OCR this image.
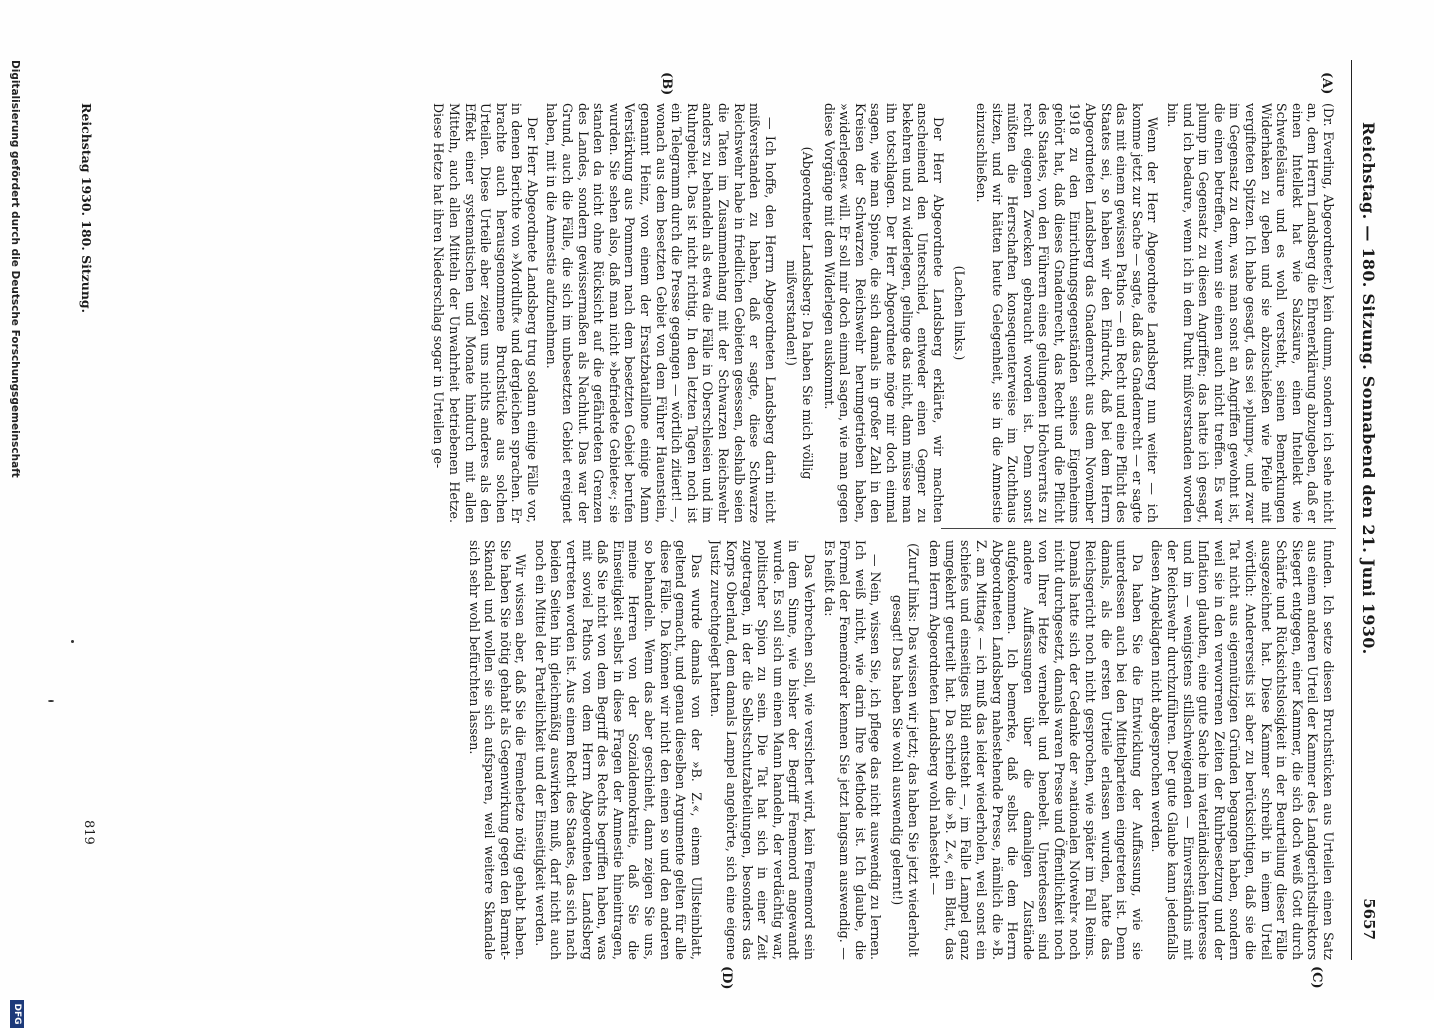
Reichstag. — 180. Sitzung. Sonnabend den 21. Juni 1930.
5657
(A)
(B)
(C)
(D)

(Dr. Everling, Abgeordneter.) kein dumm, sondern ich sehe nicht an, dem Herrn Landsberg die Ehrenerklärung abzugeben, daß er einen Intellekt hat wie Salzsäure, einen Intellekt wie Schwefelsäure und es wohl versteht, seinen Bemerkungen Widerhaken zu geben und sie abzuschießen wie Pfeile mit vergifteten Spitzen. Ich habe gesagt, das sei »plump«, und zwar im Gegensatz zu dem, was man sonst an Angriffen gewohnt ist, die einen betreffen, wenn sie einen auch nicht treffen. Es war plump im Gegensatz zu diesen Angriffen; das hatte ich gesagt, und ich bedaure, wenn ich in dem Punkt mißverstanden worden bin.

Wenn der Herr Abgeordnete Landsberg nun weiter — ich komme jetzt zur Sache — sagte, daß das Gnadenrecht — er sagte das mit einem gewissen Pathos — ein Recht und eine Pflicht des Staates sei, so haben wir den Eindruck, daß bei dem Herrn Abgeordneten Landsberg das Gnadenrecht aus dem November 1918 zu den Einrichtungsgegenständen seines Eigenheims gehört hat, daß dieses Gnadenrecht, das Recht und die Pflicht des Staates, von den Führern eines gelungenen Hochverrats zu recht eigenen Zwecken gebraucht worden ist. Denn sonst müßten die Herrschaften konsequenterweise im Zuchthaus sitzen, und wir hätten heute Gelegenheit, sie in die Amnestie einzuschließen.

(Lachen links.)

Der Herr Abgeordnete Landsberg erklärte, wir machten anscheinend den Unterschied, entweder einen Gegner zu bekehren und zu widerlegen, gelinge das nicht, dann müsse man ihn totschlagen. Der Herr Abgeordnete möge mir doch einmal sagen, wie man Spione, die sich damals in großer Zahl in den Kreisen der Schwarzen Reichswehr herumgetrieben haben, »widerlegen« will. Er soll mir doch einmal sagen, wie man gegen diese Vorgänge mit dem Widerlegen auskommt.

(Abgeordneter Landsberg: Da haben Sie mich völlig mißverstanden!)

— Ich hoffe, den Herrn Abgeordneten Landsberg darin nicht mißverstanden zu haben, daß er sagte, diese Schwarze Reichswehr habe in friedlichen Gebieten gesessen, deshalb seien die Taten im Zusammenhang mit der Schwarzen Reichswehr anders zu behandeln als etwa die Fälle in Oberschlesien und im Ruhrgebiet. Das ist nicht richtig. In den letzten Tagen noch ist ein Telegramm durch die Presse gegangen — wörtlich zitiert! —, wonach aus dem besetzten Gebiet von dem Führer Hauenstein, genannt Heinz, von einem der Ersatzbataillone einige Mann Verstärkung aus Pommern nach dem besetzten Gebiet berufen wurden. Sie sehen also, daß man nicht »befriedete Gebiete«; sie standen da nicht ohne Rücksicht auf die gefährdeten Grenzen des Landes, sondern gewissermaßen als Nachhut. Das war der Grund, auch die Fälle, die sich im unbesetzten Gebiet ereignet haben, mit in die Amnestie aufzunehmen.

Der Herr Abgeordnete Landsberg trug sodann einige Fälle vor, in denen Berichte von »Mordluft« und dergleichen sprachen. Er brachte auch herausgenommene Bruchstücke aus solchen Urteilen. Diese Urteile aber zeigen uns nichts anderes als den Effekt einer systematischen und Monate hindurch mit allen Mitteln, auch allen Mitteln der Unwahrheit betriebenen Hetze. Diese Hetze hat ihren Niederschlag sogar in Urteilen ge-

funden. Ich setze diesen Bruchstücken aus Urteilen einen Satz aus einem anderen Urteil der Kammer des Landgerichtsdirektors Siegert entgegen, einer Kammer, die sich doch weiß Gott durch Schärfe und Rücksichtslosigkeit in der Beurteilung dieser Fälle ausgezeichnet hat. Diese Kammer schreibt in einem Urteil wörtlich: Andererseits ist aber zu berücksichtigen, daß sie die Tat nicht aus eigennützigen Gründen begangen haben, sondern weil sie in den verworrenen Zeiten der Ruhrbesetzung und der Inflation glaubten, eine gute Sache im vaterländischen Interesse und im — wenigstens stillschweigenden — Einverständnis mit der Reichswehr durchzuführen. Der gute Glaube kann jedenfalls diesen Angeklagten nicht abgesprochen werden.

Da haben Sie die Entwicklung der Auffassung, wie sie unterdessen auch bei den Mittelparteien eingetreten ist. Denn damals, als die ersten Urteile erlassen wurden, hatte das Reichsgericht noch nicht gesprochen, wie später im Fall Reims. Damals hatte sich der Gedanke der »nationalen Notwehr« noch nicht durchgesetzt, damals waren Presse und Öffentlichkeit noch von Ihrer Hetze vernebelt und benebelt. Unterdessen sind andere Auffassungen über die damaligen Zustände aufgekommen. Ich bemerke, daß selbst die dem Herrn Abgeordneten Landsberg nahestehende Presse, nämlich die »B. Z. am Mittag« — ich muß das leider wiederholen, weil sonst ein schiefes und einseitiges Bild entsteht —, im Falle Lampel ganz umgekehrt geurteilt hat. Da schrieb die »B. Z.«, ein Blatt, das dem Herrn Abgeordneten Landsberg wohl nahesteht —

(Zuruf links: Das wissen wir jetzt; das haben Sie jetzt wiederholt gesagt! Das haben Sie wohl auswendig gelernt!)

— Nein, wissen Sie, ich pflege das nicht auswendig zu lernen. Ich weiß nicht, wie darin Ihre Methode ist. Ich glaube, die Formel der Fememörder kennen Sie jetzt langsam auswendig. — Es heißt da:

Das Verbrechen soll, wie versichert wird, kein Fememord sein in dem Sinne, wie bisher der Begriff Fememord angewandt wurde. Es soll sich um einen Mann handeln, der verdächtig war, politischer Spion zu sein. Die Tat hat sich in einer Zeit zugetragen, in der die Selbstschutzabteilungen, besonders das Korps Oberland, dem damals Lampel angehörte, sich eine eigene Justiz zurechtgelegt hatten.

Das wurde damals von der »B. Z.«, einem Ullsteinblatt, geltend gemacht, und genau dieselben Argumente gelten für alle diese Fälle. Da können wir nicht den einen so und den anderen so behandeln. Wenn das aber geschieht, dann zeigen Sie uns, meine Herren von der Sozialdemokratie, daß Sie die Einseitigkeit selbst in diese Fragen der Amnestie hineintragen, daß Sie nicht von dem Begriff des Rechts begriffen haben, was mit soviel Pathos von dem Herrn Abgeordneten Landsberg vertreten worden ist. Aus einem Recht des Staates, das sich nach beiden Seiten hin gleichmäßig auswirken muß, darf nicht auch noch ein Mittel der Parteilichkeit und der Einseitigkeit werden.

Wir wissen aber, daß Sie die Femehetze nötig gehabt haben. Sie haben Sie nötig gehabt als Gegenwirkung gegen den Barmat-Skandal und wollen sie sich aufsparen, weil weitere Skandale sich sehr wohl befürchten lassen.

Reichstag 1930. 180. Sitzung.
819
Digitalisierung gefördert durch die Deutsche Forschungsgemeinschaft
DFG
